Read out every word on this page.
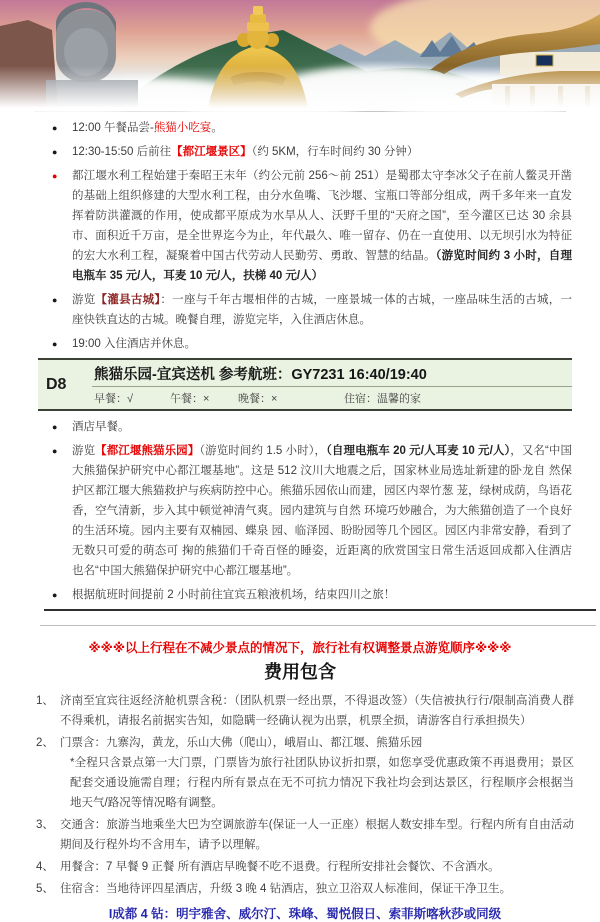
●	12:00 午餐品尝-熊猫小吃宴。

●	12:30-15:50 后前往【都江堰景区】（约 5KM，行车时间约 30 分钟）

●	都江堰水利工程始建于秦昭王末年（约公元前 256～前 251）是蜀郡太守李冰父子在前人鳖灵开凿的基础上组织修建的大型水利工程，由分水鱼嘴、飞沙堰、宝瓶口等部分组成，两千多年来一直发挥着防洪灌溉的作用，使成都平原成为水旱从人、沃野千里的“天府之国”，至今灌区已达 30 余县市、面积近千万亩，是全世界迄今为止，年代最久、唯一留存、仍在一直使用、以无坝引水为特征的宏大水利工程，凝聚着中国古代劳动人民勤劳、勇敢、智慧的结晶。（游览时间约 3 小时，自理电瓶车 35 元/人，耳麦 10 元/人，扶梯 40 元/人）

●	游览【灌县古城】：一座与千年古堰相伴的古城，一座景城一体的古城，一座品味生活的古城，一座快铁直达的古城。晚餐自理，游览完毕，入住酒店休息。

●	19:00 入住酒店并休息。

D8
熊猫乐园-宜宾送机 参考航班：GY7231 16:40/19:40
早餐：√	午餐：×	晚餐：×	住宿：温馨的家
●	酒店早餐。

●	游览【都江堰熊猫乐园】（游览时间约 1.5 小时），（自理电瓶车 20 元/人耳麦 10 元/人），又名“中国大熊猫保护研究中心都江堰基地”。这是 512 汶川大地震之后，国家林业局选址新建的卧龙自 然保护区都江堰大熊猫救护与疾病防控中心。熊猫乐园依山而建，园区内翠竹葱 茏，绿树成荫，鸟语花香，空气清新，步入其中顿觉神清气爽。园内建筑与自然 环境巧妙融合，为大熊猫创造了一个良好的生活环境。园内主要有双楠园、蝶泉 园、临泽园、盼盼园等几个园区。园区内非常安静，看到了无数只可爱的萌态可 掬的熊猫们千奇百怪的睡姿，近距离的欣赏国宝日常生活返回成都入住酒店 也名“中国大熊猫保护研究中心都江堰基地”。

●	根据航班时间提前 2 小时前往宜宾五粮液机场，结束四川之旅！

※※※以上行程在不减少景点的情况下，旅行社有权调整景点游览顺序※※※
费用包含
1、 济南至宜宾往返经济舱机票含税：（团队机票一经出票，不得退改签）（失信被执行行/限制高消费人群不得乘机，请报名前据实告知，如隐瞒一经确认视为出票，机票全损，请游客自行承担损失）

2、 门票含：九寨沟，黄龙，乐山大佛（爬山），峨眉山、都江堰、熊猫乐园

*全程只含景点第一大门票，门票皆为旅行社团队协议折扣票，如您享受优惠政策不再退费用；景区配套交通设施需自理；行程内所有景点在无不可抗力情况下我社均会到达景区，行程顺序会根据当地天气/路况等情况略有调整。

3、 交通含：旅游当地乘坐大巴为空调旅游车(保证一人一正座）根据人数安排车型。行程内所有自由活动期间及行程外均不含用车，请予以理解。

4、 用餐含：7 早餐 9 正餐 所有酒店早晚餐不吃不退费。行程所安排社会餐饮、不含酒水。

5、 住宿含：当地待评四星酒店，升级 3 晚 4 钻酒店，独立卫浴双人标准间，保证干净卫生。

I成都 4 钻：明宇雅舍、威尔汀、珠峰、蜀悦假日、索菲斯喀秋莎或同级
